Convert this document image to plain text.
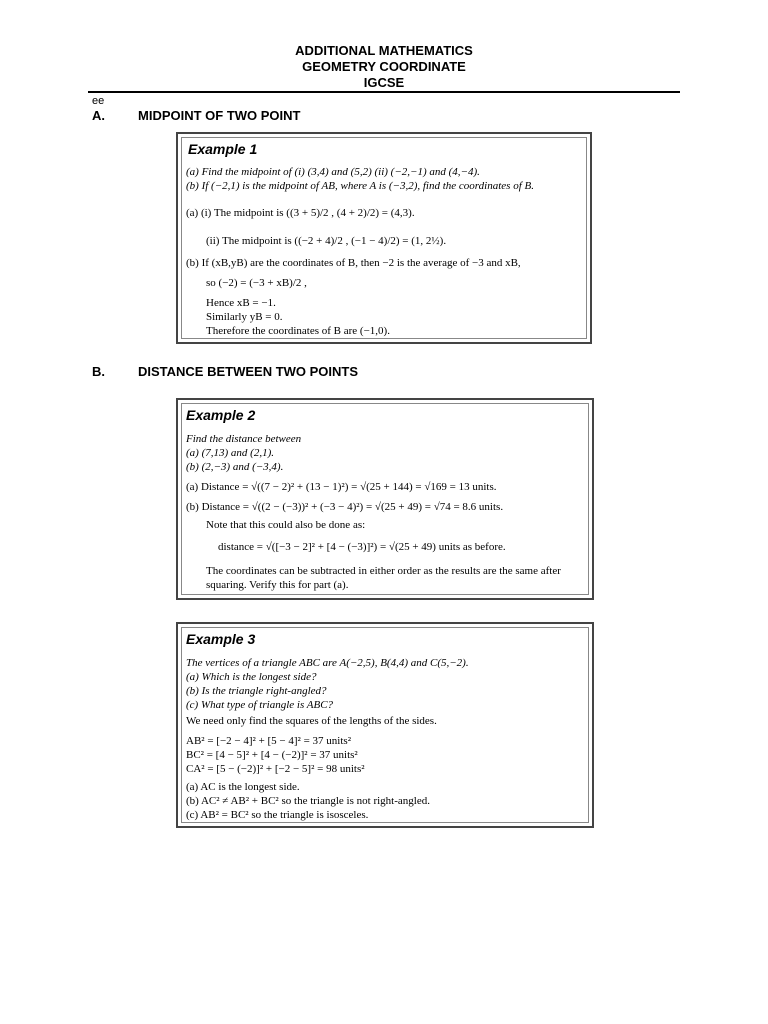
ADDITIONAL MATHEMATICS
GEOMETRY COORDINATE
IGCSE
ee
A.	MIDPOINT OF TWO POINT
Example 1
(a) Find the midpoint of (i) (3,4) and (5,2) (ii) (−2,−1) and (4,−4).
(b) If (−2,1) is the midpoint of AB, where A is (−3,2), find the coordinates of B.
(a) (i) The midpoint is ((3 + 5)/2 , (4 + 2)/2) = (4,3).
(ii) The midpoint is ((−2 + 4)/2 , (−1 − 4)/2) = (1, 2½).
(b) If (xB,yB) are the coordinates of B, then −2 is the average of −3 and xB,
so (−2) = (−3 + xB)/2 ,
Hence xB = −1.
Similarly yB = 0.
Therefore the coordinates of B are (−1,0).
B.	DISTANCE BETWEEN TWO POINTS
Example 2
Find the distance between
(a) (7,13) and (2,1).
(b) (2,−3) and (−3,4).
(a) Distance = √((7 − 2)² + (13 − 1)²) = √(25 + 144) = √169 = 13 units.
(b) Distance = √((2 − (−3))² + (−3 − 4)²) = √(25 + 49) = √74 = 8.6 units.
Note that this could also be done as:
distance = √([−3 − 2]² + [4 − (−3)]²) = √(25 + 49) units as before.
The coordinates can be subtracted in either order as the results are the same after
squaring. Verify this for part (a).
Example 3
The vertices of a triangle ABC are A(−2,5), B(4,4) and C(5,−2).
(a) Which is the longest side?
(b) Is the triangle right-angled?
(c) What type of triangle is ABC?
We need only find the squares of the lengths of the sides.
AB² = [−2 − 4]² + [5 − 4]² = 37 units²
BC² = [4 − 5]² + [4 − (−2)]² = 37 units²
CA² = [5 − (−2)]² + [−2 − 5]² = 98 units²
(a) AC is the longest side.
(b) AC² ≠ AB² + BC² so the triangle is not right-angled.
(c) AB² = BC² so the triangle is isosceles.
